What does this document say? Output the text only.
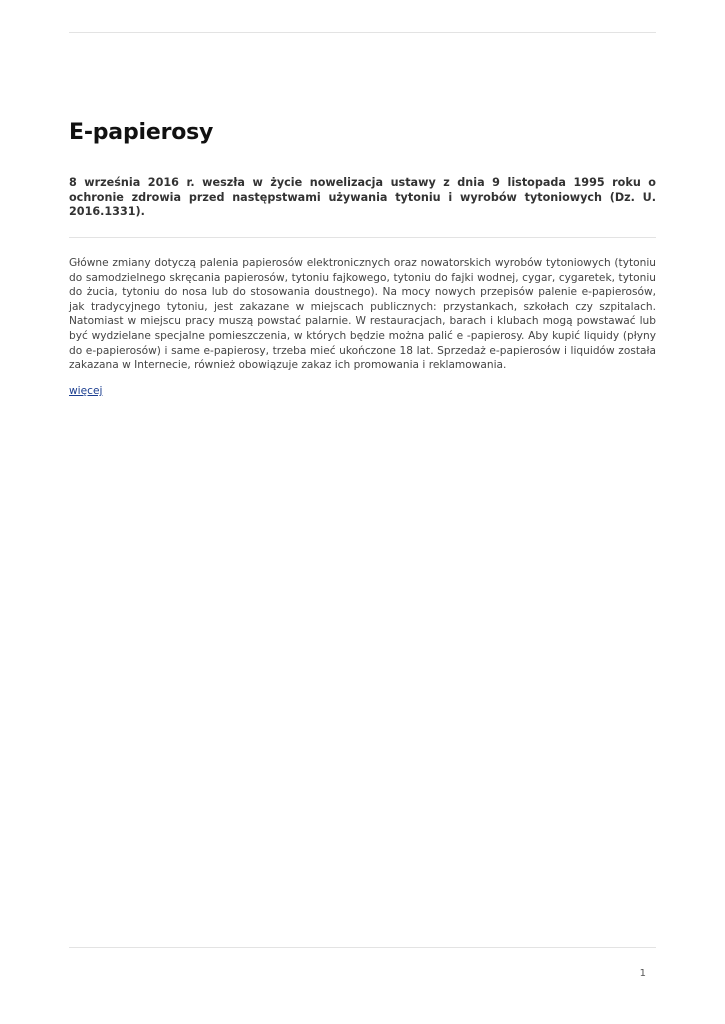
E-papierosy

8 września 2016 r. weszła w życie nowelizacja ustawy z dnia 9 listopada 1995 roku o ochronie zdrowia przed następstwami używania tytoniu i wyrobów tytoniowych (Dz. U. 2016.1331).

Główne zmiany dotyczą palenia papierosów elektronicznych oraz nowatorskich wyrobów tytoniowych (tytoniu do samodzielnego skręcania papierosów, tytoniu fajkowego, tytoniu do fajki wodnej, cygar, cygaretek, tytoniu do żucia, tytoniu do nosa lub do stosowania doustnego). Na mocy nowych przepisów palenie e-papierosów, jak tradycyjnego tytoniu, jest zakazane w miejscach publicznych: przystankach, szkołach czy szpitalach. Natomiast w miejscu pracy muszą powstać palarnie. W restauracjach, barach i klubach mogą powstawać lub być wydzielane specjalne pomieszczenia, w których będzie można palić e -papierosy. Aby kupić liquidy (płyny do e-papierosów) i same e-papierosy, trzeba mieć ukończone 18 lat. Sprzedaż e-papierosów i liquidów została zakazana w Internecie, również obowiązuje zakaz ich promowania i reklamowania.

więcej
1
